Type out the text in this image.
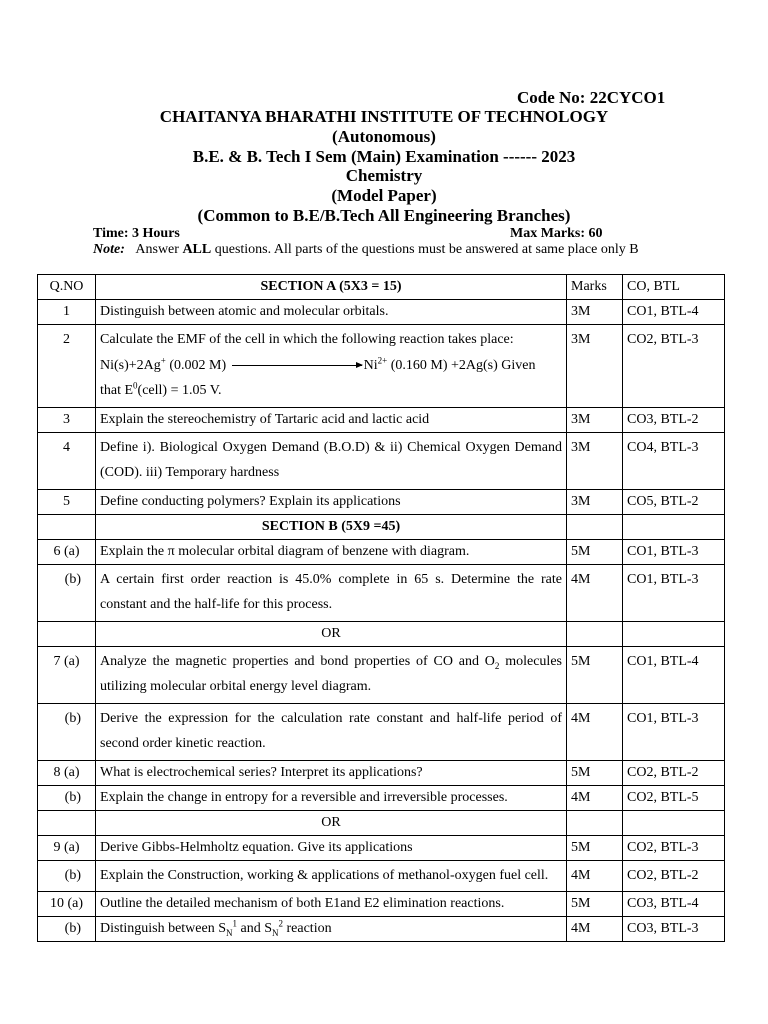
Code No: 22CYCO1
CHAITANYA BHARATHI INSTITUTE OF TECHNOLOGY
(Autonomous)
B.E. & B. Tech I Sem (Main) Examination ------ 2023
Chemistry
(Model Paper)
(Common to B.E/B.Tech All Engineering Branches)
Time: 3 Hours	Max Marks: 60
Note: Answer ALL questions. All parts of the questions must be answered at same place only B
Q.NO	SECTION A (5X3 = 15)	Marks	CO, BTL
1	Distinguish between atomic and molecular orbitals.	3M	CO1, BTL-4
2	Calculate the EMF of the cell in which the following reaction takes place:
Ni(s)+2Ag+ (0.002 M) $Ni^{2+}$ (0.160 M) +2Ag(s) Given
that $E^0(cell) = 1.05$ V.	3M	CO2, BTL-3
3	Explain the stereochemistry of Tartaric acid and lactic acid	3M	CO3, BTL-2
4	Define i). Biological Oxygen Demand (B.O.D) & ii) Chemical Oxygen Demand (COD). iii) Temporary hardness	3M	CO4, BTL-3
5	Define conducting polymers? Explain its applications	3M	CO5, BTL-2
	SECTION B (5X9 =45)		
6 (a)	Explain the π molecular orbital diagram of benzene with diagram.	5M	CO1, BTL-3
(b)	A certain first order reaction is 45.0% complete in 65 s. Determine the rate constant and the half-life for this process.	4M	CO1, BTL-3
	OR		
7 (a)	Analyze the magnetic properties and bond properties of CO and $O_2$ molecules utilizing molecular orbital energy level diagram.	5M	CO1, BTL-4
(b)	Derive the expression for the calculation rate constant and half-life period of second order kinetic reaction.	4M	CO1, BTL-3
8 (a)	What is electrochemical series? Interpret its applications?	5M	CO2, BTL-2
(b)	Explain the change in entropy for a reversible and irreversible processes.	4M	CO2, BTL-5
	OR		
9 (a)	Derive Gibbs-Helmholtz equation. Give its applications	5M	CO2, BTL-3
(b)	Explain the Construction, working & applications of methanol-oxygen fuel cell.	4M	CO2, BTL-2
10 (a)	Outline the detailed mechanism of both E1and E2 elimination reactions.	5M	CO3, BTL-4
(b)	Distinguish between $S_N^1$ and $S_N^2$ reaction	4M	CO3, BTL-3
